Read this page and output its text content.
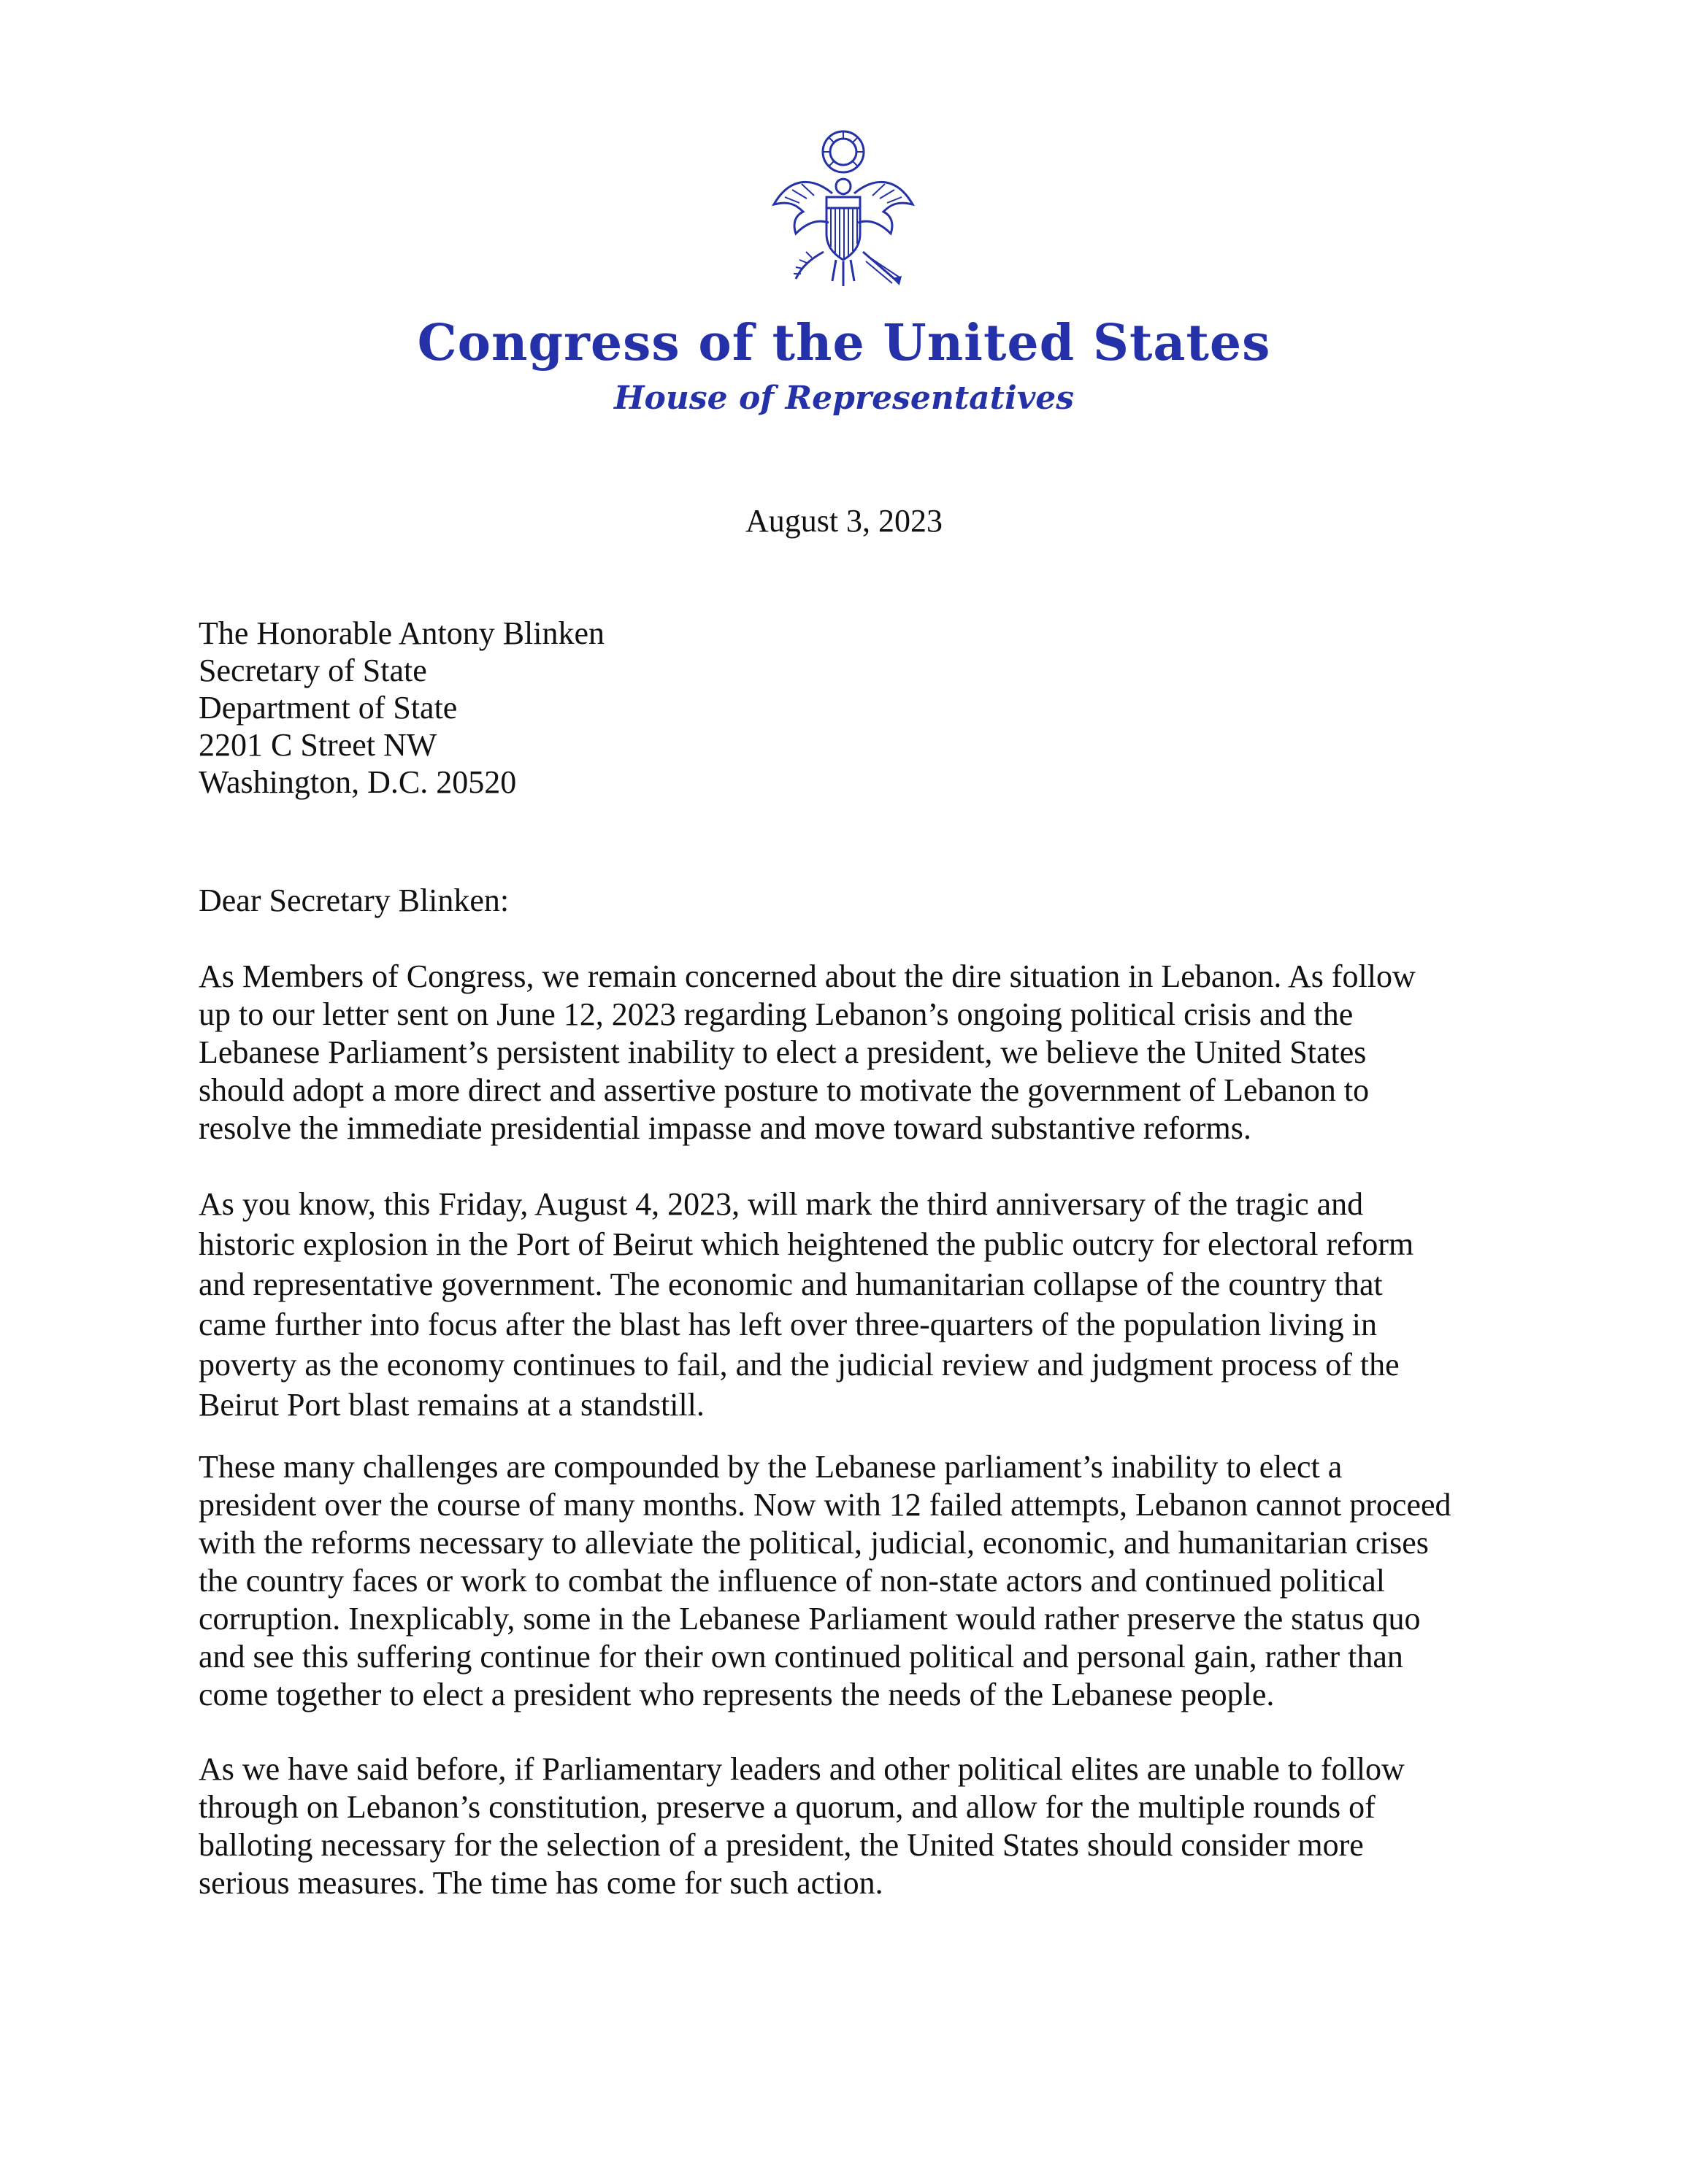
Congress of the United States
House of Representatives
August 3, 2023
The Honorable Antony Blinken
Secretary of State
Department of State
2201 C Street NW
Washington, D.C. 20520
Dear Secretary Blinken:
As Members of Congress, we remain concerned about the dire situation in Lebanon. As follow
up to our letter sent on June 12, 2023 regarding Lebanon’s ongoing political crisis and the
Lebanese Parliament’s persistent inability to elect a president, we believe the United States
should adopt a more direct and assertive posture to motivate the government of Lebanon to
resolve the immediate presidential impasse and move toward substantive reforms.
As you know, this Friday, August 4, 2023, will mark the third anniversary of the tragic and
historic explosion in the Port of Beirut which heightened the public outcry for electoral reform
and representative government. The economic and humanitarian collapse of the country that
came further into focus after the blast has left over three-quarters of the population living in
poverty as the economy continues to fail, and the judicial review and judgment process of the
Beirut Port blast remains at a standstill.
These many challenges are compounded by the Lebanese parliament’s inability to elect a
president over the course of many months. Now with 12 failed attempts, Lebanon cannot proceed
with the reforms necessary to alleviate the political, judicial, economic, and humanitarian crises
the country faces or work to combat the influence of non-state actors and continued political
corruption. Inexplicably, some in the Lebanese Parliament would rather preserve the status quo
and see this suffering continue for their own continued political and personal gain, rather than
come together to elect a president who represents the needs of the Lebanese people.
As we have said before, if Parliamentary leaders and other political elites are unable to follow
through on Lebanon’s constitution, preserve a quorum, and allow for the multiple rounds of
balloting necessary for the selection of a president, the United States should consider more
serious measures. The time has come for such action.
